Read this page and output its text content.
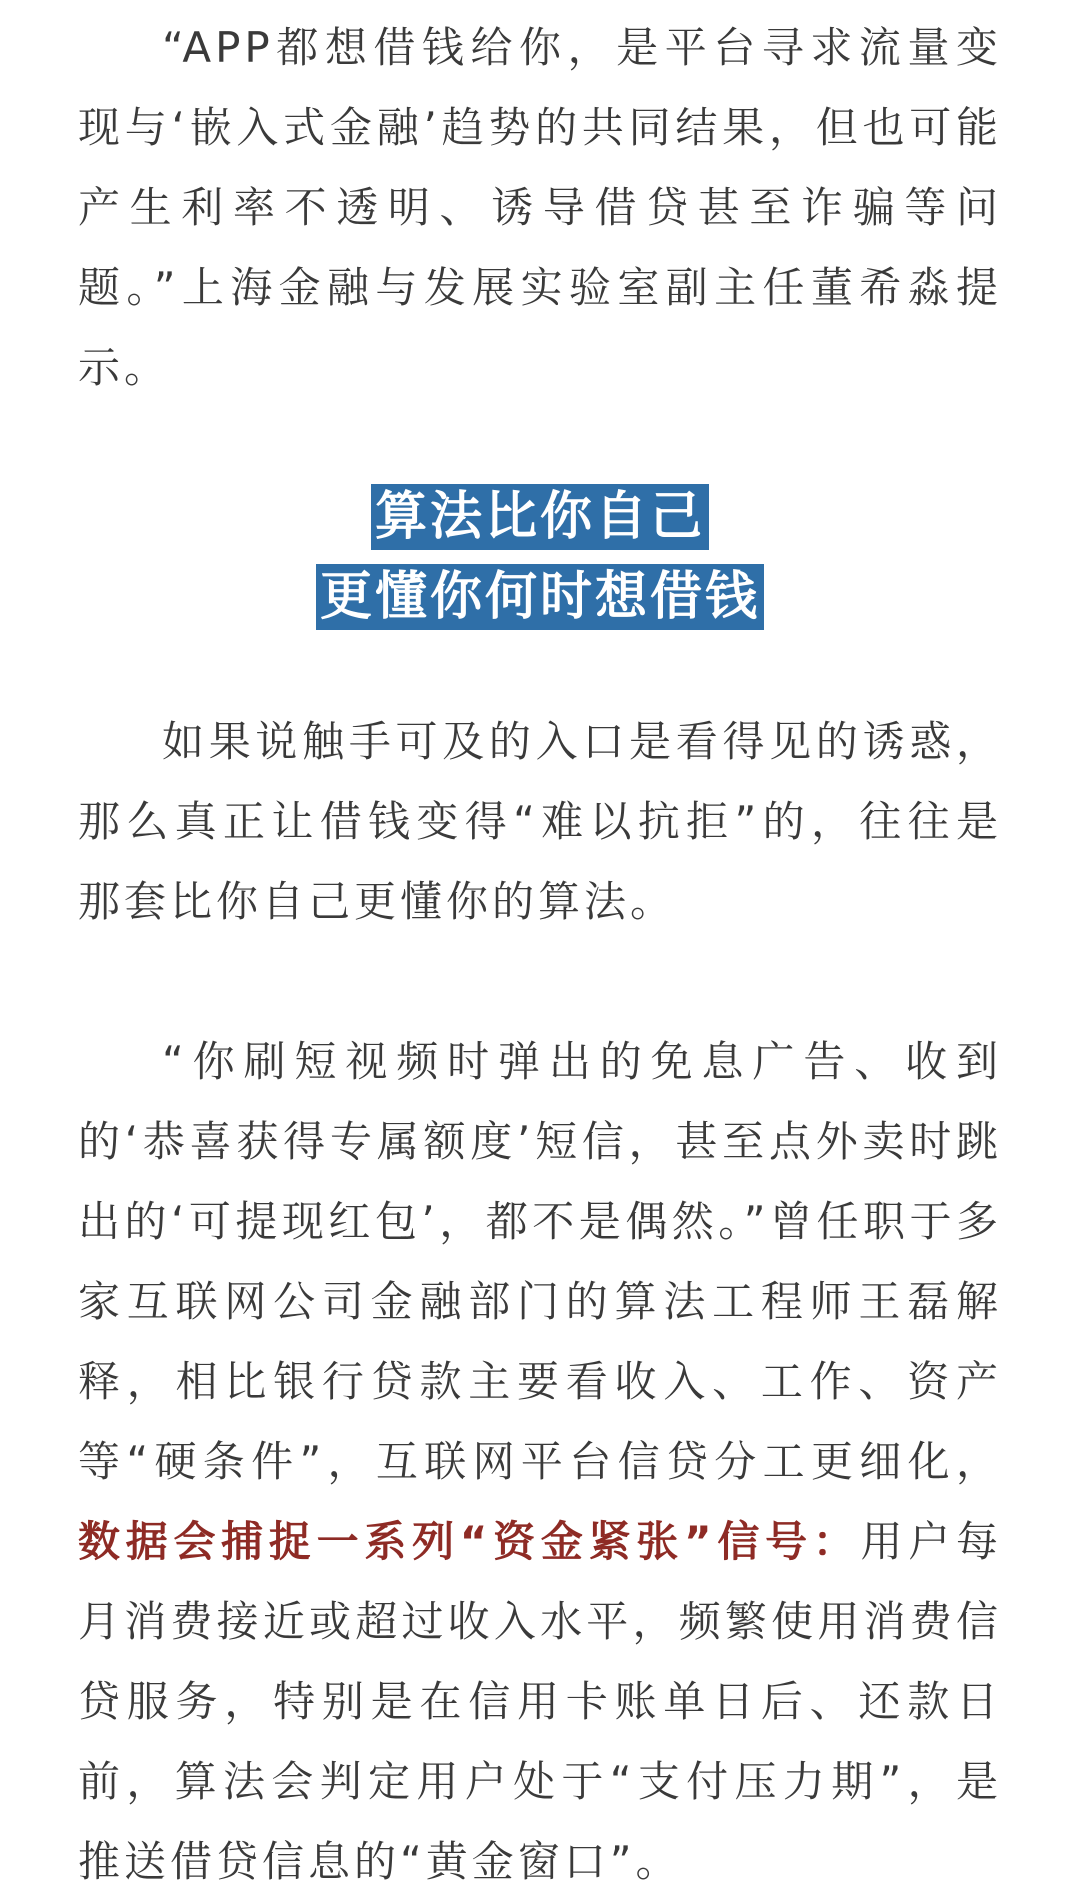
“APP都想借钱给你，是平台寻求流量变现与‘嵌入式金融’趋势的共同结果，但也可能产生利率不透明、诱导借贷甚至诈骗等问题。”上海金融与发展实验室副主任董希淼提示。

算法比你自己
更懂你何时想借钱

如果说触手可及的入口是看得见的诱惑，那么真正让借钱变得“难以抗拒”的，往往是那套比你自己更懂你的算法。

“你刷短视频时弹出的免息广告、收到的‘恭喜获得专属额度’短信，甚至点外卖时跳出的‘可提现红包’，都不是偶然。”曾任职于多家互联网公司金融部门的算法工程师王磊解释，相比银行贷款主要看收入、工作、资产等“硬条件”，互联网平台信贷分工更细化，数据会捕捉一系列“资金紧张”信号：用户每月消费接近或超过收入水平，频繁使用消费信贷服务，特别是在信用卡账单日后、还款日前，算法会判定用户处于“支付压力期”，是推送借贷信息的“黄金窗口”。
